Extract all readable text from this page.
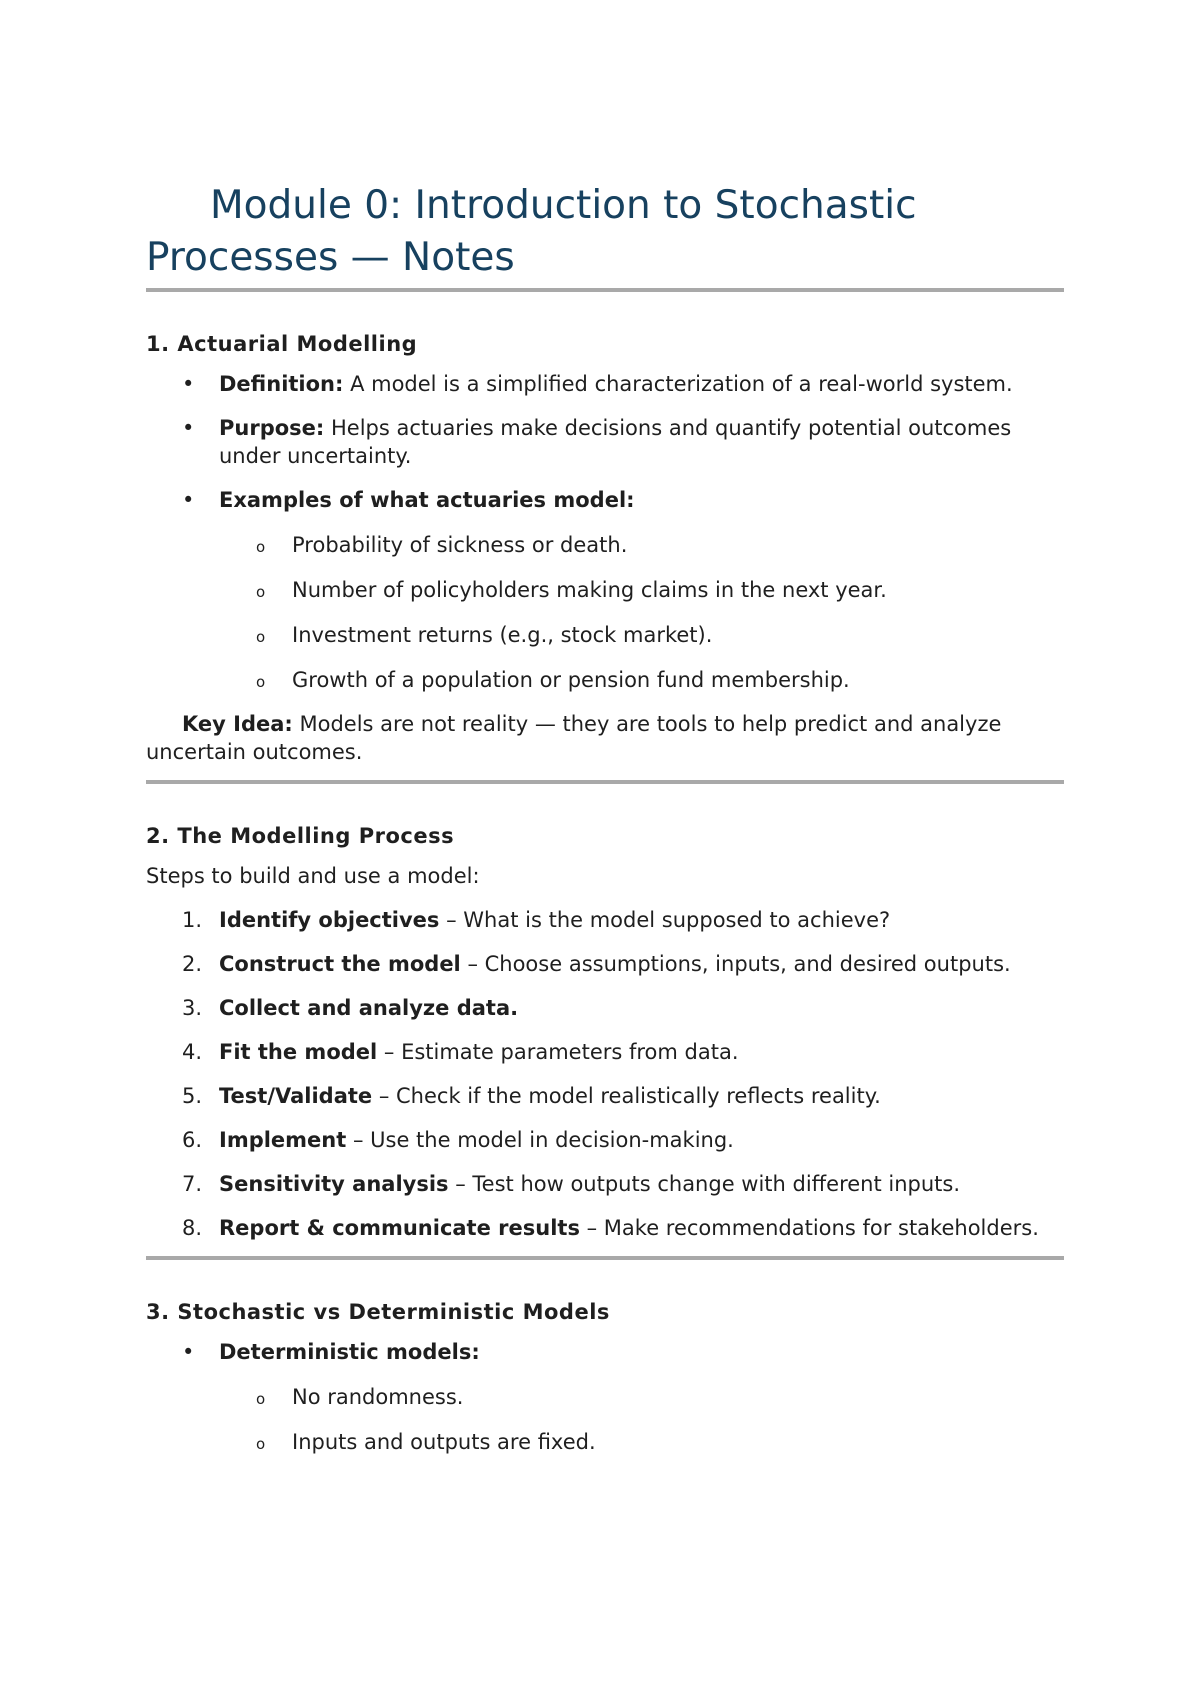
Module 0: Introduction to Stochastic
Processes — Notes
1. Actuarial Modelling
• Definition: A model is a simplified characterization of a real-world system.
• Purpose: Helps actuaries make decisions and quantify potential outcomes under uncertainty.
• Examples of what actuaries model:
o Probability of sickness or death.
o Number of policyholders making claims in the next year.
o Investment returns (e.g., stock market).
o Growth of a population or pension fund membership.

Key Idea: Models are not reality — they are tools to help predict and analyze uncertain outcomes.

2. The Modelling Process

Steps to build and use a model:

1. Identify objectives – What is the model supposed to achieve?
2. Construct the model – Choose assumptions, inputs, and desired outputs.
3. Collect and analyze data.
4. Fit the model – Estimate parameters from data.
5. Test/Validate – Check if the model realistically reflects reality.
6. Implement – Use the model in decision-making.
7. Sensitivity analysis – Test how outputs change with different inputs.
8. Report & communicate results – Make recommendations for stakeholders.
3. Stochastic vs Deterministic Models
• Deterministic models:
o No randomness.
o Inputs and outputs are fixed.
